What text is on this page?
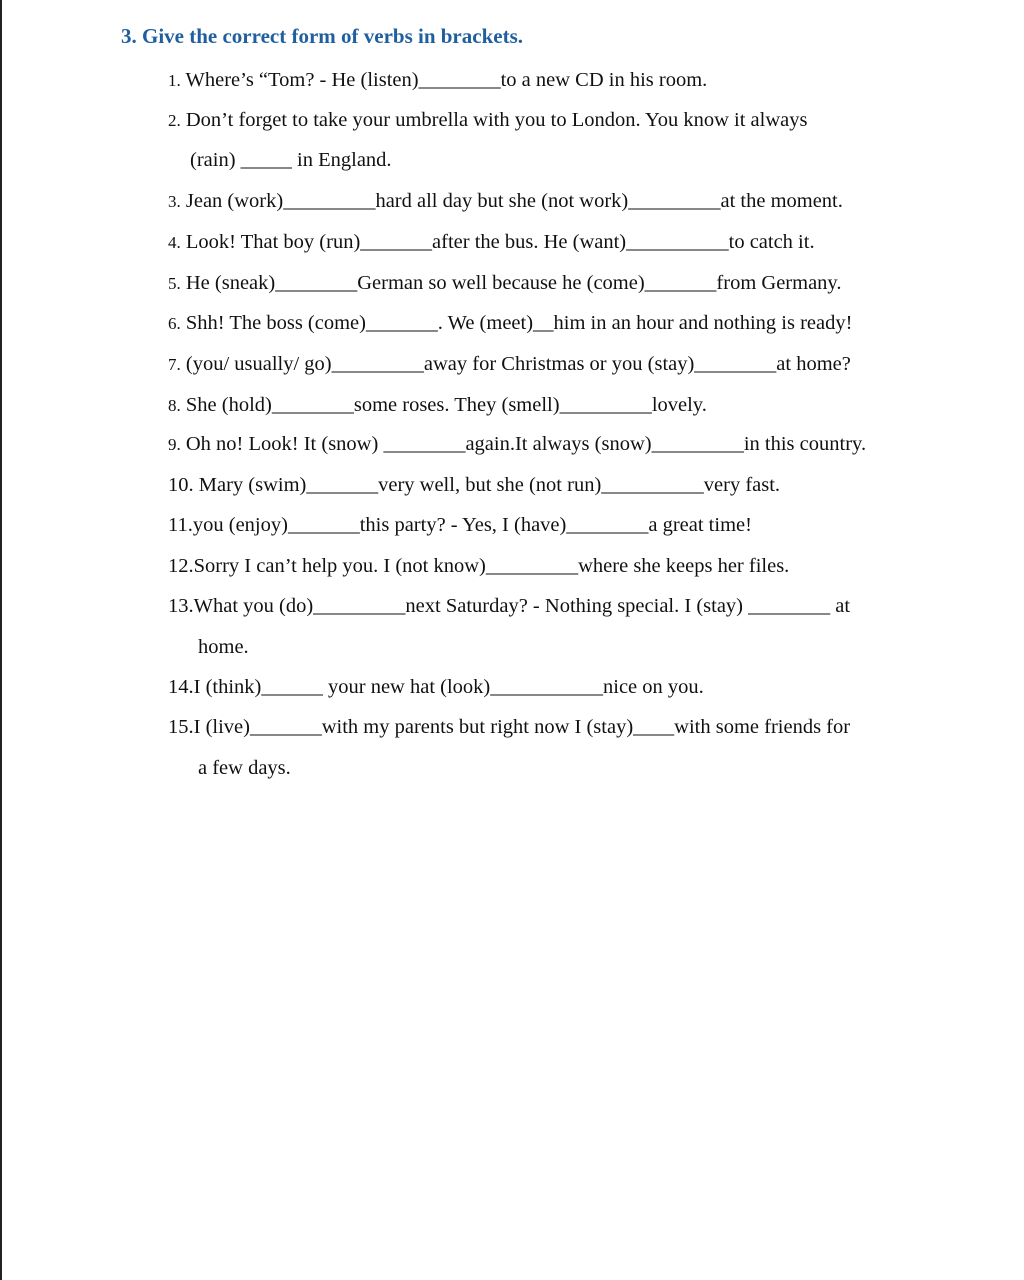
3. Give the correct form of verbs in brackets.
1. Where’s “Tom? - He (listen)________to a new CD in his room.
2. Don’t forget to take your umbrella with you to London. You know it always
(rain) _____ in England.
3. Jean (work)_________hard all day but she (not work)_________at the moment.
4. Look! That boy (run)_______after the bus. He (want)__________to catch it.
5. He (sneak)________German so well because he (come)_______from Germany.
6. Shh! The boss (come)_______. We (meet)__him in an hour and nothing is ready!
7. (you/ usually/ go)_________away for Christmas or you (stay)________at home?
8. She (hold)________some roses. They (smell)_________lovely.
9. Oh no! Look! It (snow) ________again.It always (snow)_________in this country.
10. Mary (swim)_______very well, but she (not run)__________very fast.
11.you (enjoy)_______this party? - Yes, I (have)________a great time!
12.Sorry I can’t help you. I (not know)_________where she keeps her files.
13.What you (do)_________next Saturday? - Nothing special. I (stay) ________ at
home.
14.I (think)______ your new hat (look)___________nice on you.
15.I (live)_______with my parents but right now I (stay)____with some friends for
a few days.
